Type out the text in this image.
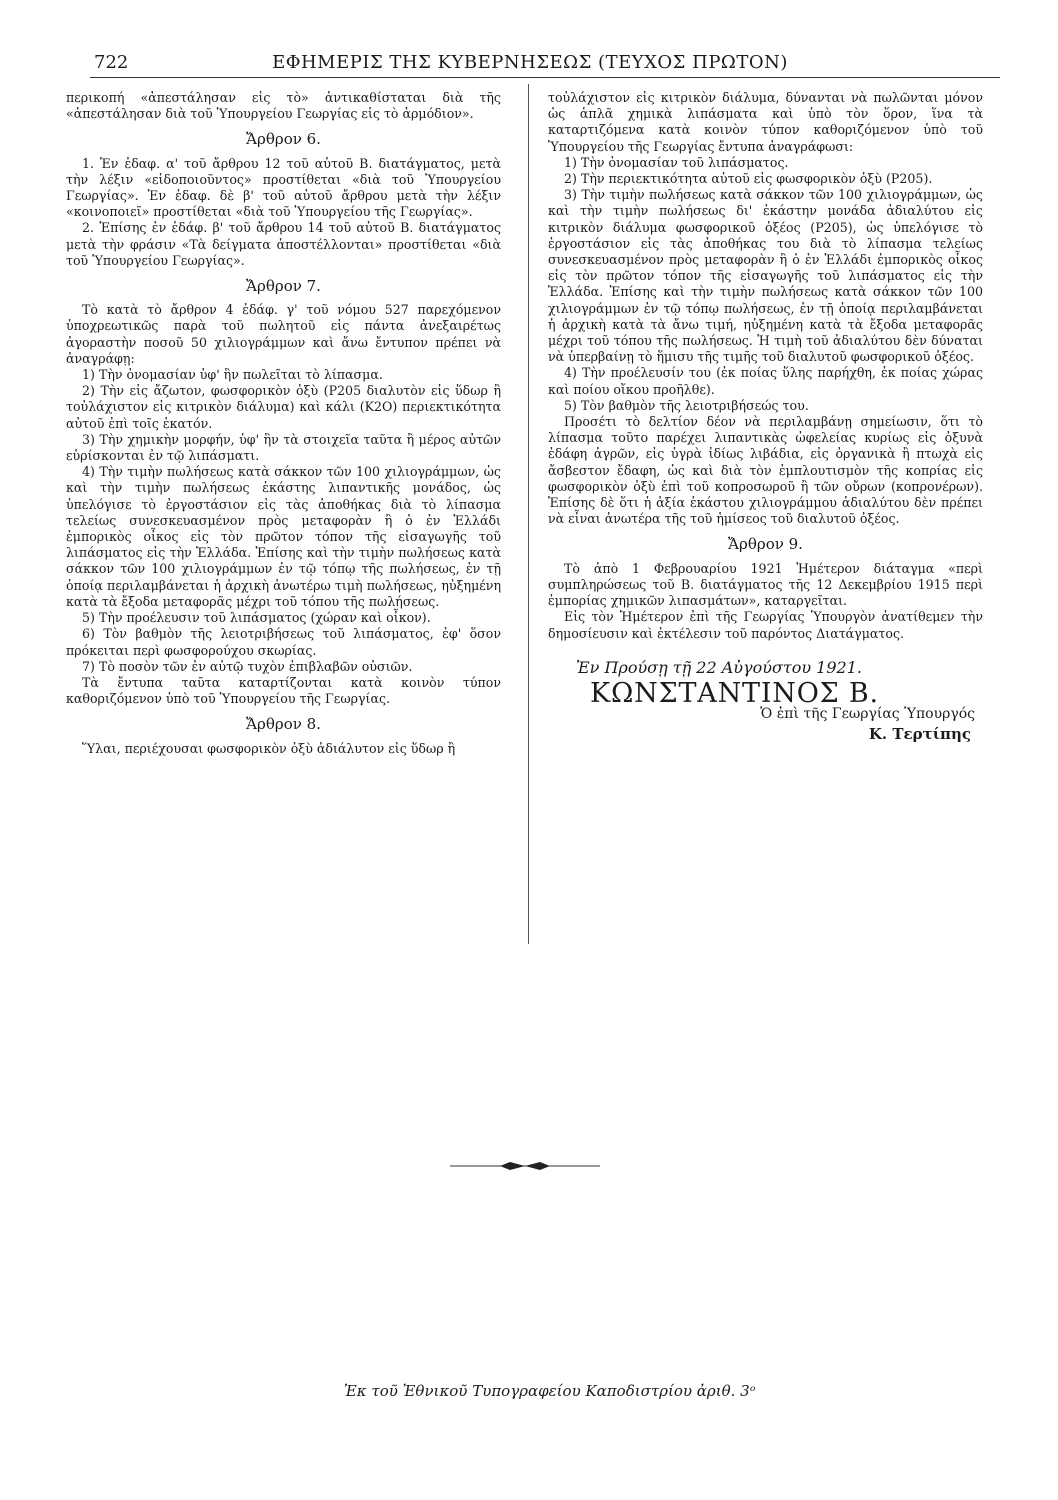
722	ΕΦΗΜΕΡΙΣ ΤΗΣ ΚΥΒΕΡΝΗΣΕΩΣ (ΤΕΥΧΟΣ ΠΡΩΤΟΝ)

περικοπή «ἀπεστάλησαν εἰς τὸ» ἀντικαθίσταται διὰ τῆς «ἀπεστάλησαν διὰ τοῦ Ὑπουργείου Γεωργίας εἰς τὸ ἁρμόδιον».

Ἄρθρον 6.

1. Ἐν ἐδαφ. α' τοῦ ἄρθρου 12 τοῦ αὐτοῦ Β. διατάγματος, μετὰ τὴν λέξιν «εἰδοποιοῦντος» προστίθεται «διὰ τοῦ Ὑπουργείου Γεωργίας». Ἐν ἐδαφ. δὲ β' τοῦ αὐτοῦ ἄρθρου μετὰ τὴν λέξιν «κοινοποιεῖ» προστίθεται «διὰ τοῦ Ὑπουργείου τῆς Γεωργίας».

2. Ἐπίσης ἐν ἐδάφ. β' τοῦ ἄρθρου 14 τοῦ αὐτοῦ Β. διατάγματος μετὰ τὴν φράσιν «Τὰ δείγματα ἀποστέλλονται» προστίθεται «διὰ τοῦ Ὑπουργείου Γεωργίας».

Ἄρθρον 7.

Τὸ κατὰ τὸ ἄρθρον 4 ἐδάφ. γ' τοῦ νόμου 527 παρεχόμενον ὑποχρεωτικῶς παρὰ τοῦ πωλητοῦ εἰς πάντα ἀνεξαιρέτως ἀγοραστὴν ποσοῦ 50 χιλιογράμμων καὶ ἄνω ἔντυπον πρέπει νὰ ἀναγράφῃ:

1) Τὴν ὀνομασίαν ὑφ' ἣν πωλεῖται τὸ λίπασμα.

2) Τὴν εἰς ἄζωτον, φωσφορικὸν ὀξὺ (P205 διαλυτὸν εἰς ὕδωρ ἢ τοὐλάχιστον εἰς κιτρικὸν διάλυμα) καὶ κάλι (K2O) περιεκτικότητα αὐτοῦ ἐπὶ τοῖς ἑκατόν.

3) Τὴν χημικὴν μορφήν, ὑφ' ἣν τὰ στοιχεῖα ταῦτα ἢ μέρος αὐτῶν εὑρίσκονται ἐν τῷ λιπάσματι.

4) Τὴν τιμὴν πωλήσεως κατὰ σάκκον τῶν 100 χιλιογράμμων, ὡς καὶ τὴν τιμὴν πωλήσεως ἑκάστης λιπαντικῆς μονάδος, ὡς ὑπελόγισε τὸ ἐργοστάσιον εἰς τὰς ἀποθήκας διὰ τὸ λίπασμα τελείως συνεσκευασμένον πρὸς μεταφορὰν ἢ ὁ ἐν Ἑλλάδι ἐμπορικὸς οἶκος εἰς τὸν πρῶτον τόπον τῆς εἰσαγωγῆς τοῦ λιπάσματος εἰς τὴν Ἑλλάδα. Ἐπίσης καὶ τὴν τιμὴν πωλήσεως κατὰ σάκκον τῶν 100 χιλιογράμμων ἐν τῷ τόπῳ τῆς πωλήσεως, ἐν τῇ ὁποίᾳ περιλαμβάνεται ἡ ἀρχικὴ ἀνωτέρω τιμὴ πωλήσεως, ηὐξημένη κατὰ τὰ ἔξοδα μεταφορᾶς μέχρι τοῦ τόπου τῆς πωλήσεως.

5) Τὴν προέλευσιν τοῦ λιπάσματος (χώραν καὶ οἶκον).

6) Τὸν βαθμὸν τῆς λειοτριβήσεως τοῦ λιπάσματος, ἐφ' ὅσον πρόκειται περὶ φωσφορούχου σκωρίας.

7) Τὸ ποσὸν τῶν ἐν αὐτῷ τυχὸν ἐπιβλαβῶν οὐσιῶν.

Τὰ ἔντυπα ταῦτα καταρτίζονται κατὰ κοινὸν τύπον καθοριζόμενον ὑπὸ τοῦ Ὑπουργείου τῆς Γεωργίας.

Ἄρθρον 8.

Ὕλαι, περιέχουσαι φωσφορικὸν ὀξὺ ἀδιάλυτον εἰς ὕδωρ ἢ

τοὐλάχιστον εἰς κιτρικὸν διάλυμα, δύνανται νὰ πωλῶνται μόνον ὡς ἁπλᾶ χημικὰ λιπάσματα καὶ ὑπὸ τὸν ὅρον, ἵνα τὰ καταρτιζόμενα κατὰ κοινὸν τύπον καθοριζόμενον ὑπὸ τοῦ Ὑπουργείου τῆς Γεωργίας ἔντυπα ἀναγράφωσι:

1) Τὴν ὀνομασίαν τοῦ λιπάσματος.

2) Τὴν περιεκτικότητα αὐτοῦ εἰς φωσφορικὸν ὀξὺ (P205).

3) Τὴν τιμὴν πωλήσεως κατὰ σάκκον τῶν 100 χιλιογράμμων, ὡς καὶ τὴν τιμὴν πωλήσεως δι' ἑκάστην μονάδα ἀδιαλύτου εἰς κιτρικὸν διάλυμα φωσφορικοῦ ὀξέος (P205), ὡς ὑπελόγισε τὸ ἐργοστάσιον εἰς τὰς ἀποθήκας του διὰ τὸ λίπασμα τελείως συνεσκευασμένον πρὸς μεταφορὰν ἢ ὁ ἐν Ἑλλάδι ἐμπορικὸς οἶκος εἰς τὸν πρῶτον τόπον τῆς εἰσαγωγῆς τοῦ λιπάσματος εἰς τὴν Ἑλλάδα. Ἐπίσης καὶ τὴν τιμὴν πωλήσεως κατὰ σάκκον τῶν 100 χιλιογράμμων ἐν τῷ τόπῳ πωλήσεως, ἐν τῇ ὁποίᾳ περιλαμβάνεται ἡ ἀρχικὴ κατὰ τὰ ἄνω τιμή, ηὐξημένη κατὰ τὰ ἔξοδα μεταφορᾶς μέχρι τοῦ τόπου τῆς πωλήσεως. Ἡ τιμὴ τοῦ ἀδιαλύτου δὲν δύναται νὰ ὑπερβαίνῃ τὸ ἥμισυ τῆς τιμῆς τοῦ διαλυτοῦ φωσφορικοῦ ὀξέος.

4) Τὴν προέλευσίν του (ἐκ ποίας ὕλης παρήχθη, ἐκ ποίας χώρας καὶ ποίου οἴκου προῆλθε).

5) Τὸν βαθμὸν τῆς λειοτριβήσεώς του.

Προσέτι τὸ δελτίον δέον νὰ περιλαμβάνῃ σημείωσιν, ὅτι τὸ λίπασμα τοῦτο παρέχει λιπαντικὰς ὠφελείας κυρίως εἰς ὀξυνὰ ἐδάφη ἀγρῶν, εἰς ὑγρὰ ἰδίως λιβάδια, εἰς ὀργανικὰ ἢ πτωχὰ εἰς ἄσβεστον ἔδαφη, ὡς καὶ διὰ τὸν ἐμπλουτισμὸν τῆς κοπρίας εἰς φωσφορικὸν ὀξὺ ἐπὶ τοῦ κοπροσωροῦ ἢ τῶν οὔρων (κοπρονέρων). Ἐπίσης δὲ ὅτι ἡ ἀξία ἑκάστου χιλιογράμμου ἀδιαλύτου δὲν πρέπει νὰ εἶναι ἀνωτέρα τῆς τοῦ ἡμίσεος τοῦ διαλυτοῦ ὀξέος.

Ἄρθρον 9.

Τὸ ἀπὸ 1 Φεβρουαρίου 1921 Ἡμέτερον διάταγμα «περὶ συμπληρώσεως τοῦ Β. διατάγματος τῆς 12 Δεκεμβρίου 1915 περὶ ἐμπορίας χημικῶν λιπασμάτων», καταργεῖται.

Εἰς τὸν Ἡμέτερον ἐπὶ τῆς Γεωργίας Ὑπουργὸν ἀνατίθεμεν τὴν δημοσίευσιν καὶ ἐκτέλεσιν τοῦ παρόντος Διατάγματος.

Ἐν Προύσῃ τῇ 22 Αὐγούστου 1921.
ΚΩΝΣΤΑΝΤΙΝΟΣ Β.
Ὁ ἐπὶ τῆς Γεωργίας Ὑπουργός
Κ. Τερτίπης
Ἐκ τοῦ Ἐθνικοῦ Τυπογραφείου Καποδιστρίου ἀριθ. 3ᵒ
